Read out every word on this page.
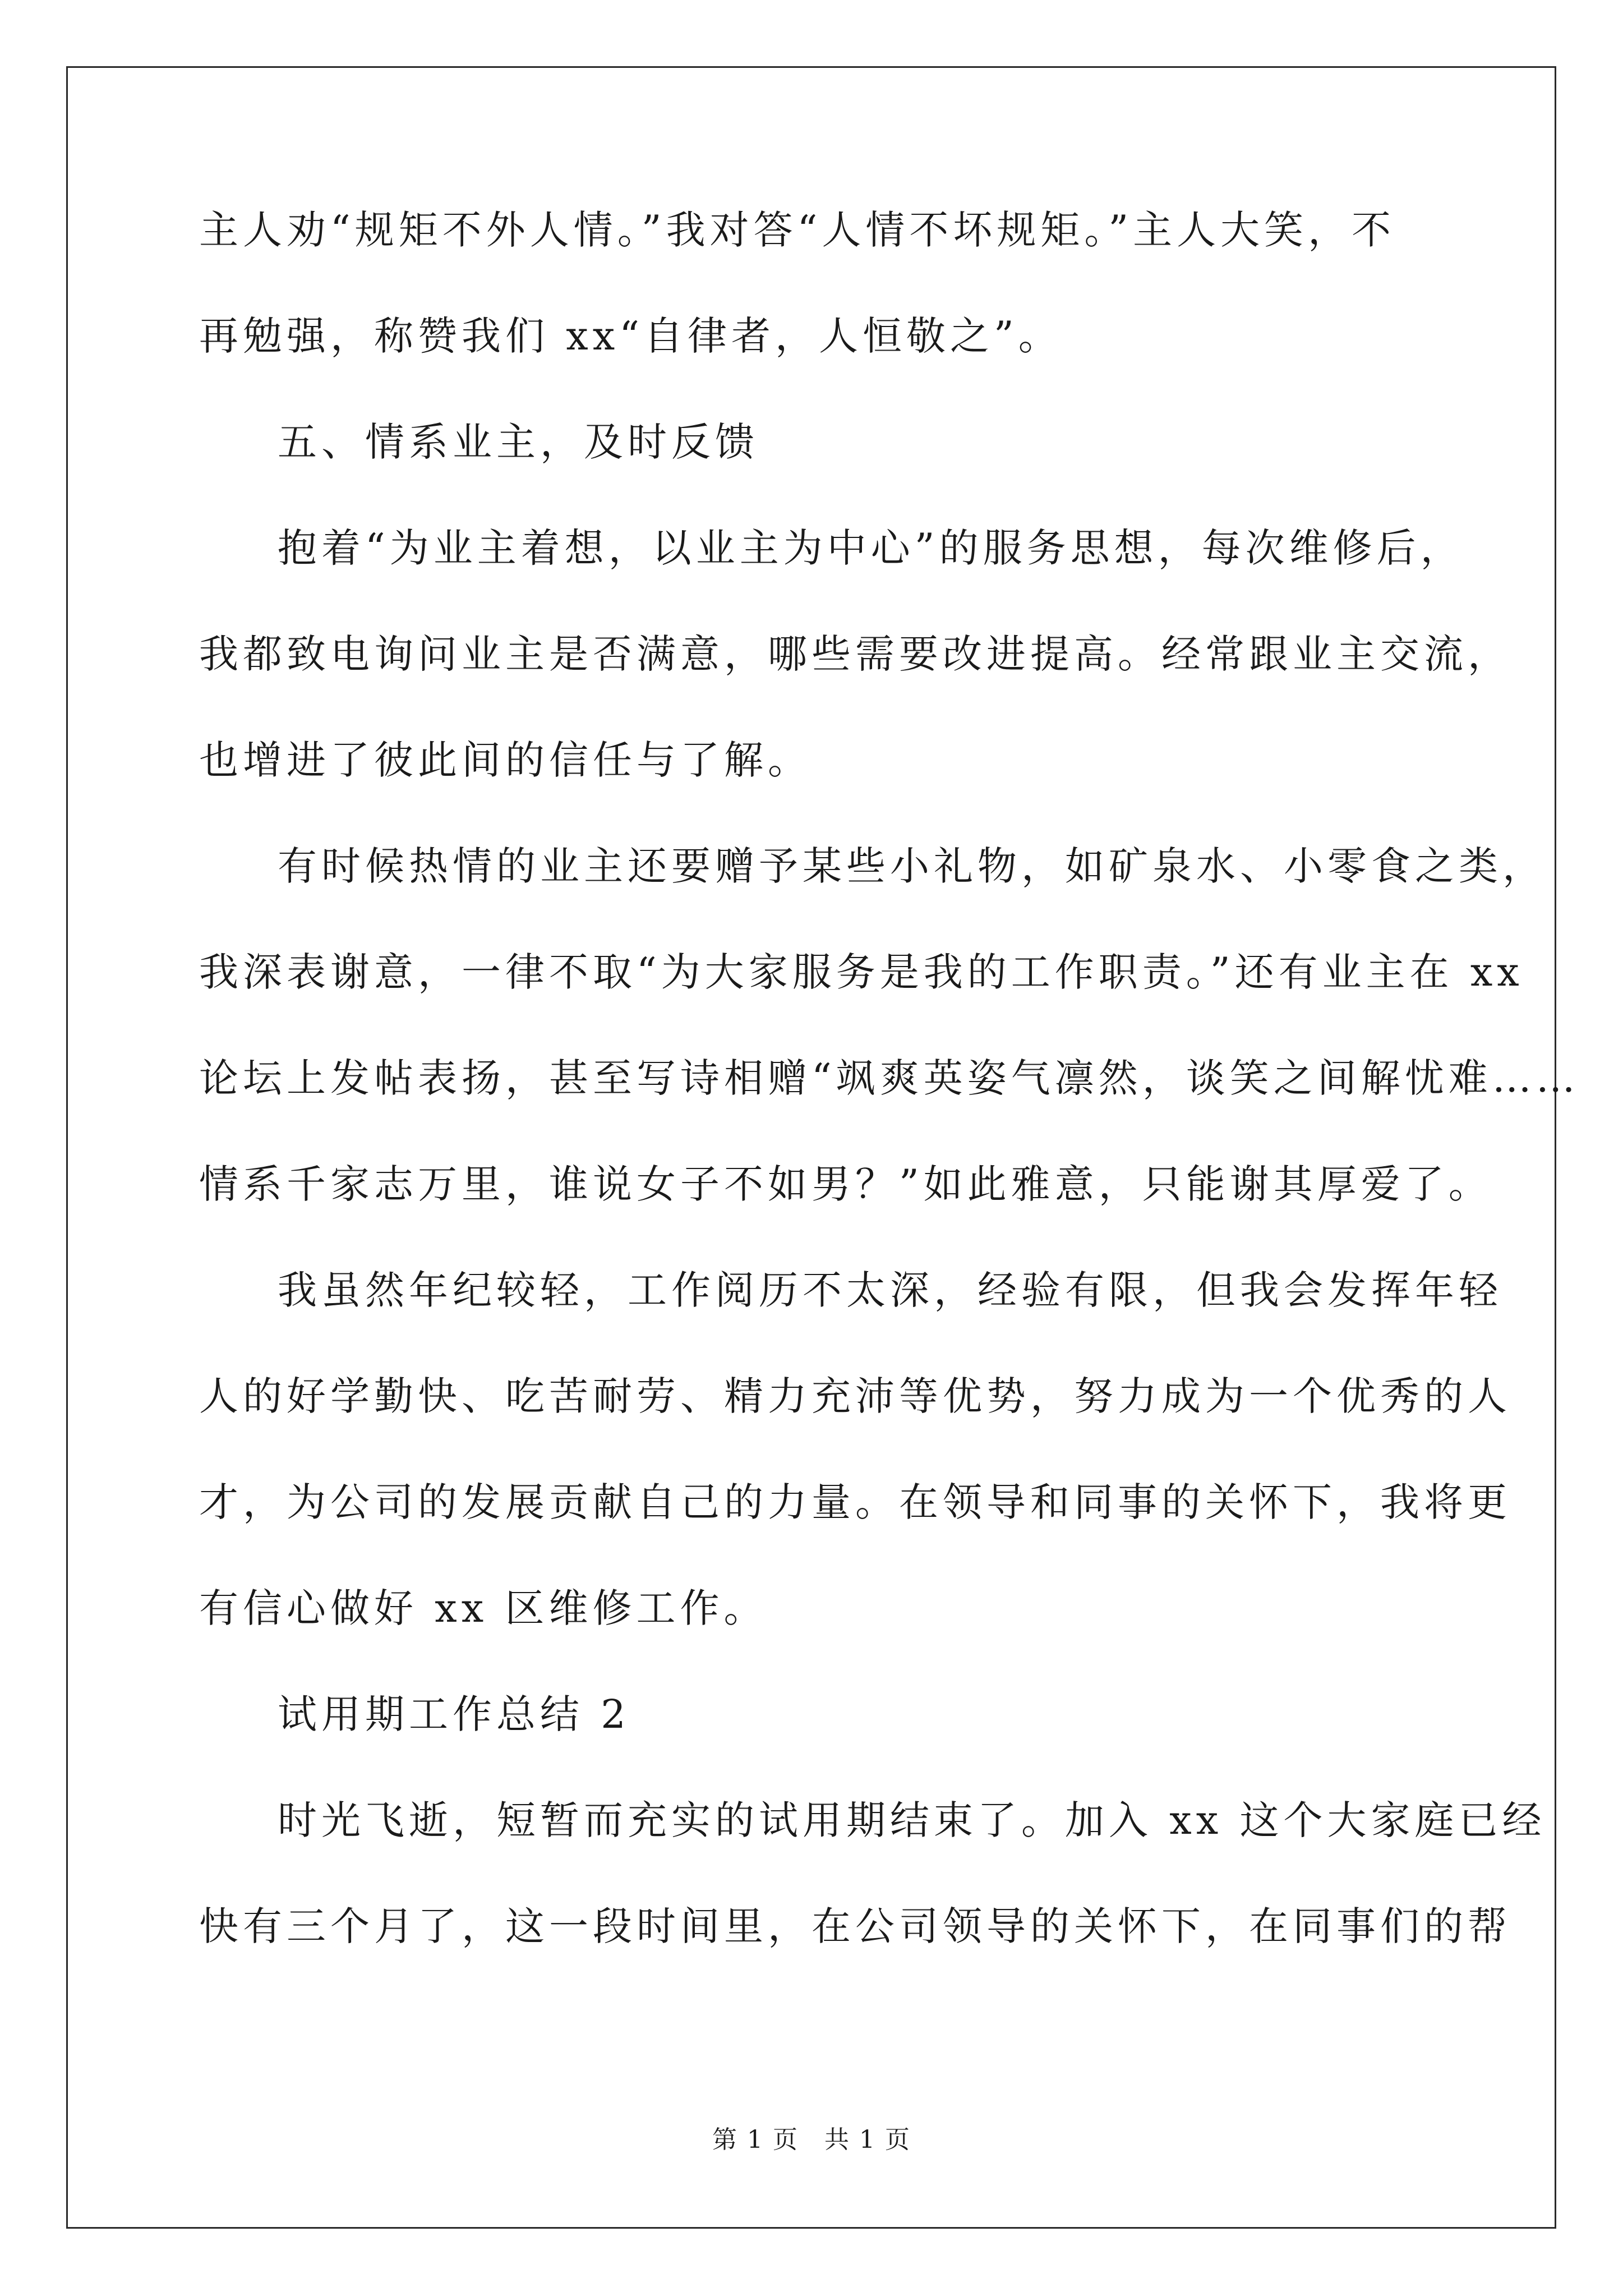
主人劝“规矩不外人情。”我对答“人情不坏规矩。”主人大笑，不
再勉强，称赞我们 xx“自律者，人恒敬之”。
五、情系业主，及时反馈
抱着“为业主着想，以业主为中心”的服务思想，每次维修后，
我都致电询问业主是否满意，哪些需要改进提高。经常跟业主交流，
也增进了彼此间的信任与了解。
有时候热情的业主还要赠予某些小礼物，如矿泉水、小零食之类，
我深表谢意，一律不取“为大家服务是我的工作职责。”还有业主在 xx
论坛上发帖表扬，甚至写诗相赠“飒爽英姿气凛然，谈笑之间解忧难……
情系千家志万里，谁说女子不如男？”如此雅意，只能谢其厚爱了。
我虽然年纪较轻，工作阅历不太深，经验有限，但我会发挥年轻
人的好学勤快、吃苦耐劳、精力充沛等优势，努力成为一个优秀的人
才，为公司的发展贡献自己的力量。在领导和同事的关怀下，我将更
有信心做好 xx 区维修工作。
试用期工作总结 2
时光飞逝，短暂而充实的试用期结束了。加入 xx 这个大家庭已经
快有三个月了，这一段时间里，在公司领导的关怀下，在同事们的帮
第 1 页　共 1 页
